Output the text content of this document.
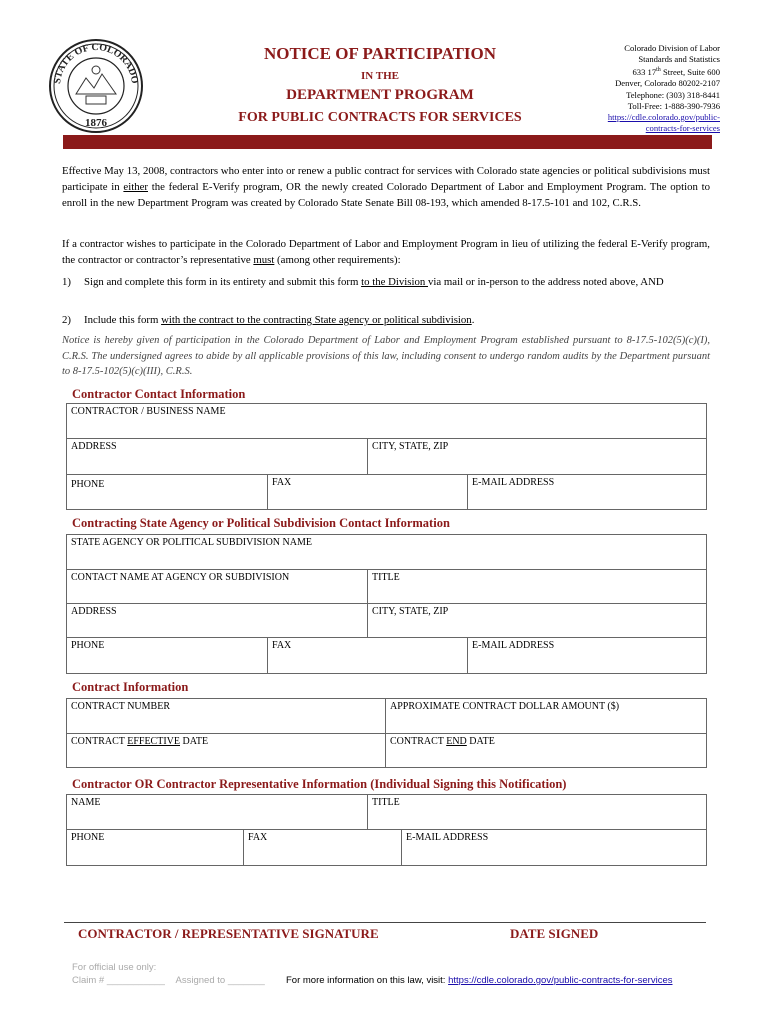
STATE OF COLORADO
1876
NOTICE OF PARTICIPATION
IN THE
DEPARTMENT PROGRAM
FOR PUBLIC CONTRACTS FOR SERVICES
Colorado Division of Labor
Standards and Statistics
633 17th Street, Suite 600
Denver, Colorado 80202-2107
Telephone: (303) 318-8441
Toll-Free: 1-888-390-7936
https://cdle.colorado.gov/public-
contracts-for-services
Effective May 13, 2008, contractors who enter into or renew a public contract for services with Colorado state agencies or political subdivisions must participate in either the federal E-Verify program, OR the newly created Colorado Department of Labor and Employment Program. The option to enroll in the new Department Program was created by Colorado State Senate Bill 08-193, which amended 8-17.5-101 and 102, C.R.S.
If a contractor wishes to participate in the Colorado Department of Labor and Employment Program in lieu of utilizing the federal E-Verify program, the contractor or contractor’s representative must (among other requirements):
1) Sign and complete this form in its entirety and submit this form to the Division via mail or in-person to the address noted above, AND
2) Include this form with the contract to the contracting State agency or political subdivision.
Notice is hereby given of participation in the Colorado Department of Labor and Employment Program established pursuant to 8-17.5-102(5)(c)(I), C.R.S. The undersigned agrees to abide by all applicable provisions of this law, including consent to undergo random audits by the Department pursuant to 8-17.5-102(5)(c)(III), C.R.S.
Contractor Contact Information
CONTRACTOR / BUSINESS NAME
ADDRESS	CITY, STATE, ZIP
PHONE	FAX	E-MAIL ADDRESS
Contracting State Agency or Political Subdivision Contact Information
STATE AGENCY OR POLITICAL SUBDIVISION NAME
CONTACT NAME AT AGENCY OR SUBDIVISION	TITLE
ADDRESS	CITY, STATE, ZIP
PHONE	FAX	E-MAIL ADDRESS
Contract Information
CONTRACT NUMBER	APPROXIMATE CONTRACT DOLLAR AMOUNT ($)
CONTRACT EFFECTIVE DATE	CONTRACT END DATE
Contractor OR Contractor Representative Information (Individual Signing this Notification)
NAME	TITLE
PHONE	FAX	E-MAIL ADDRESS
CONTRACTOR / REPRESENTATIVE SIGNATURE	DATE SIGNED
For official use only:
Claim # ___________ Assigned to _______ For more information on this law, visit: https://cdle.colorado.gov/public-contracts-for-services
